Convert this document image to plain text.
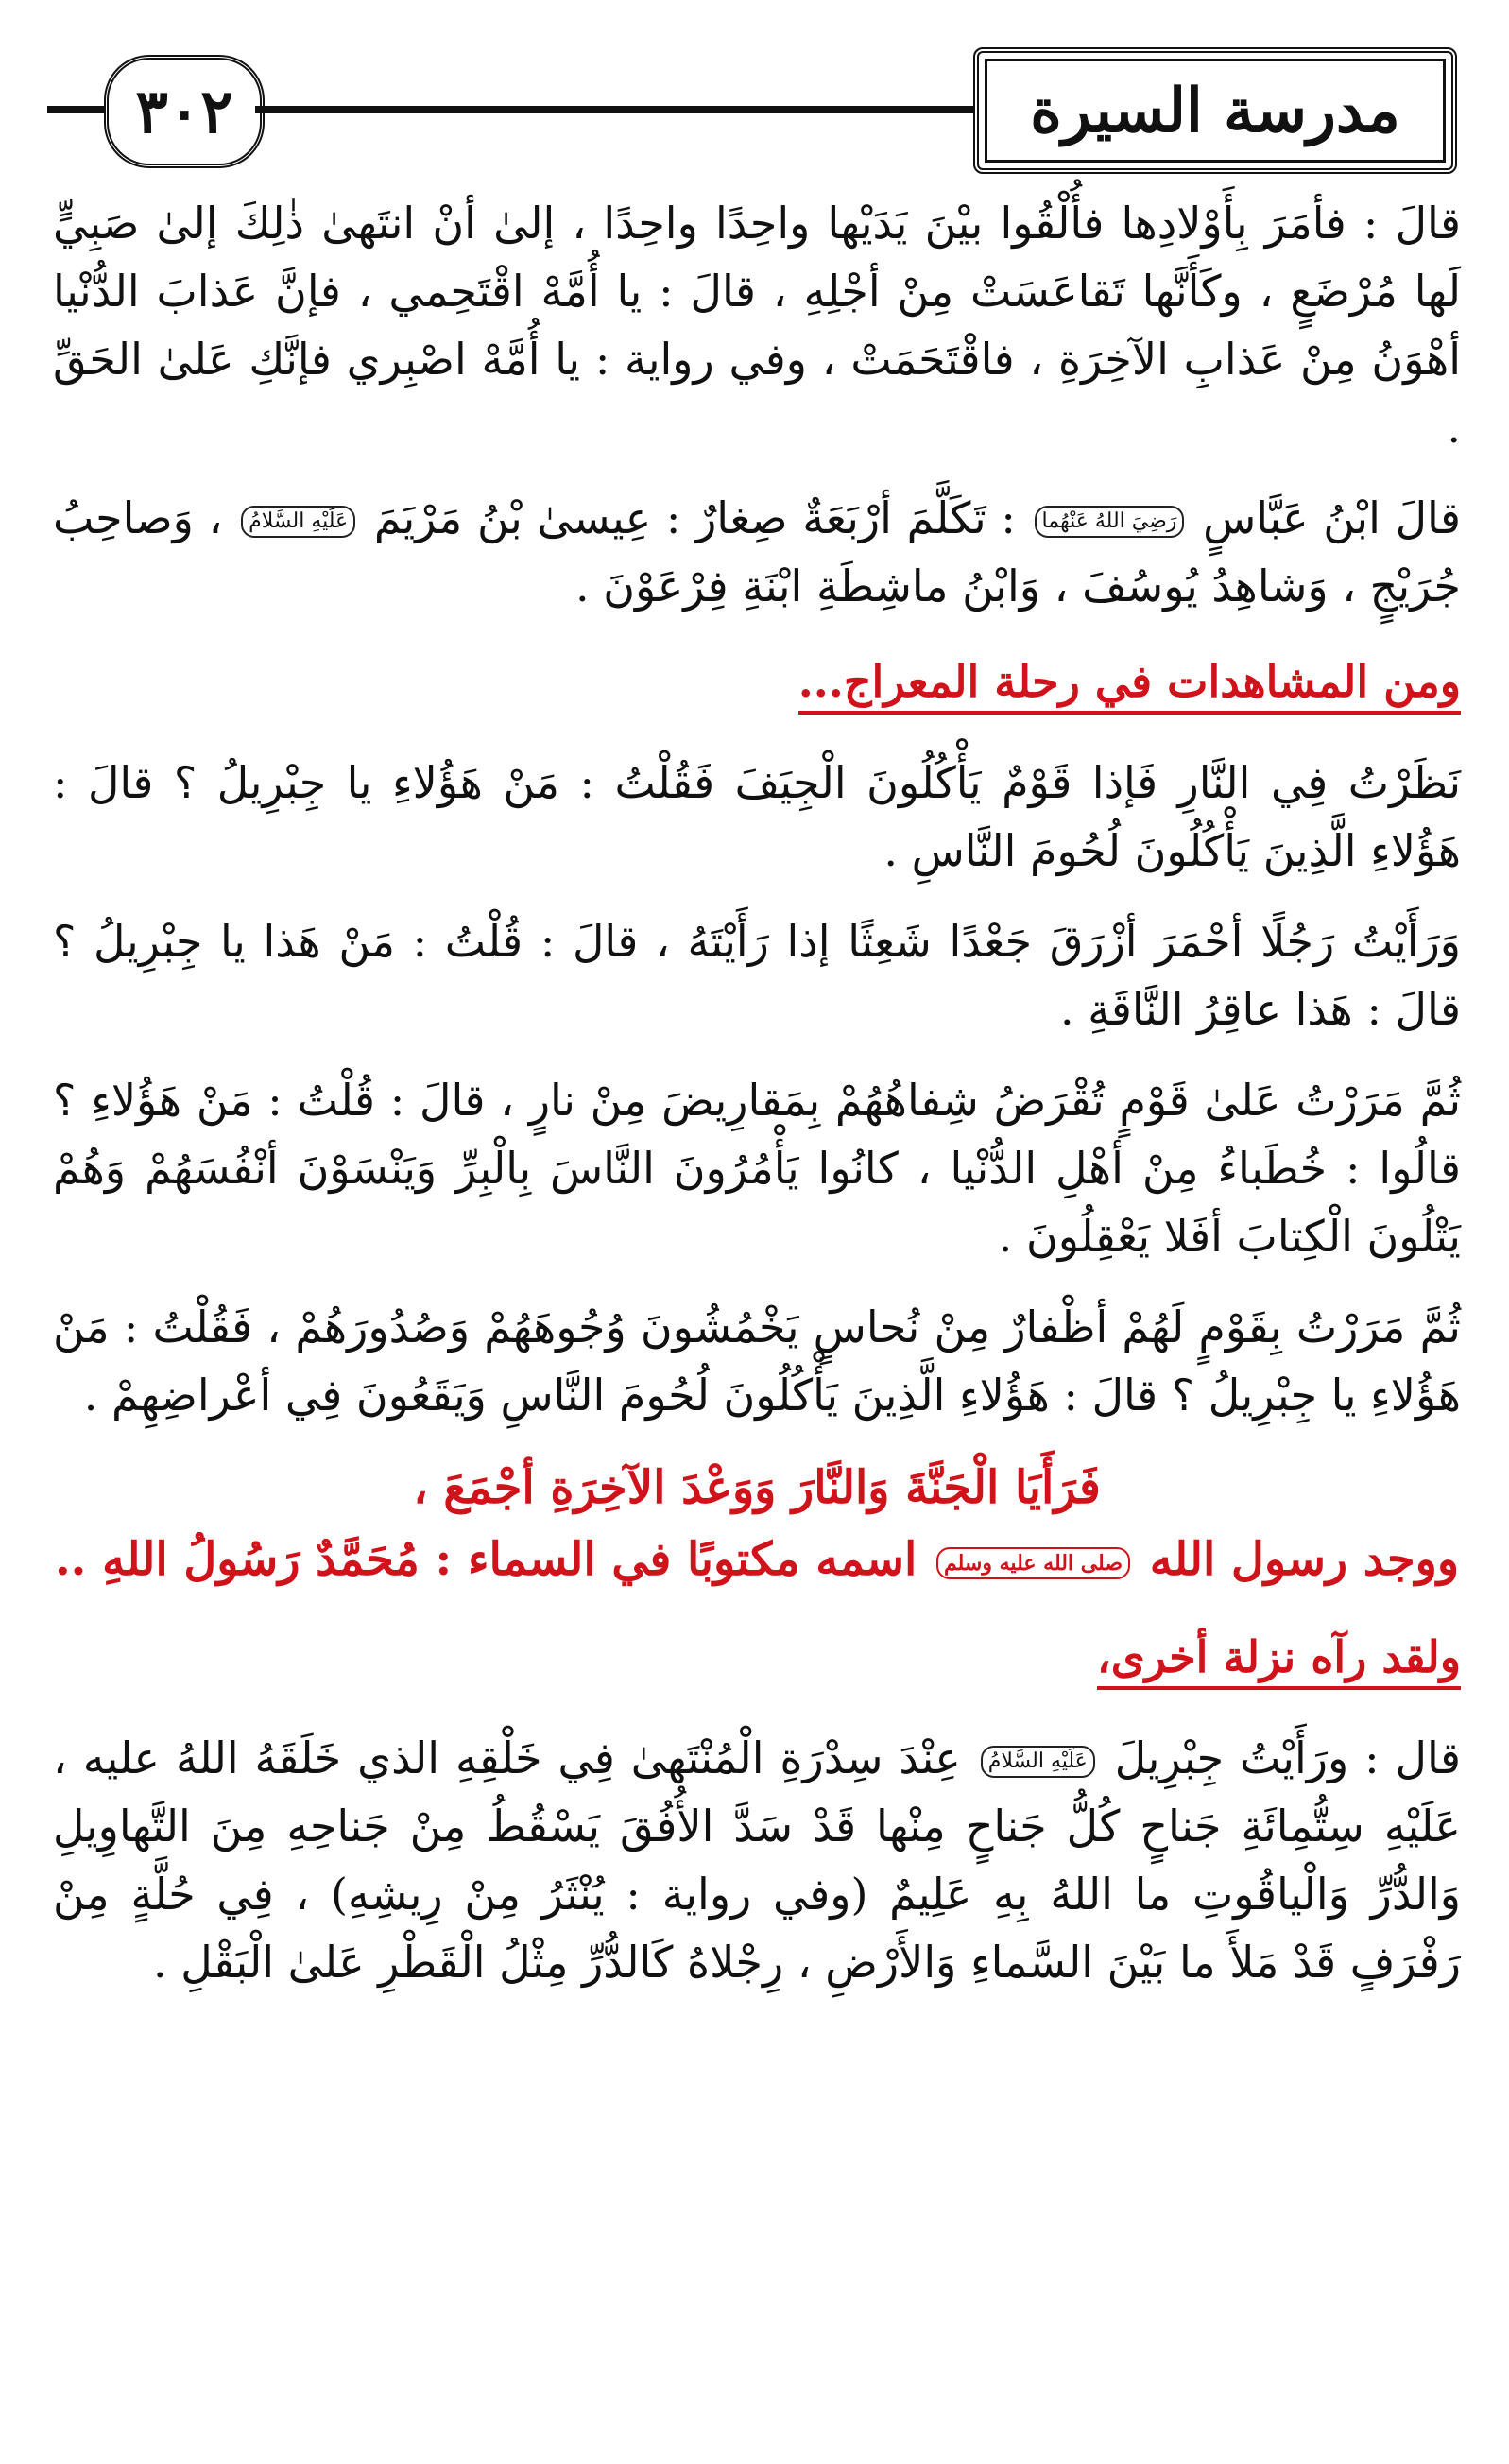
٣٠٢	مدرسة السيرة

قالَ : فأمَرَ بِأَوْلادِها فأُلْقُوا بيْنَ يَدَيْها واحِدًا واحِدًا ، إلىٰ أنْ انتَهىٰ ذٰلِكَ إلىٰ صَبِيٍّ لَها مُرْضَعٍ ، وكَأَنَّها تَقاعَسَتْ مِنْ أجْلِهِ ، قالَ : يا أُمَّهْ اقْتَحِمي ، فإنَّ عَذابَ الدُّنْيا أهْوَنُ مِنْ عَذابِ الآخِرَةِ ، فاقْتَحَمَتْ ، وفي رواية : يا أُمَّهْ اصْبِري فإنَّكِ عَلىٰ الحَقِّ .

قالَ ابْنُ عَبَّاسٍ رَضِيَ اللهُ عَنْهُما : تَكَلَّمَ أرْبَعَةٌ صِغارٌ : عِيسىٰ بْنُ مَرْيَمَ عَلَيْهِ السَّلامُ ، وَصاحِبُ جُرَيْجٍ ، وَشاهِدُ يُوسُفَ ، وَابْنُ ماشِطَةِ ابْنَةِ فِرْعَوْنَ .

ومن المشاهدات في رحلة المعراج...

نَظَرْتُ فِي النَّارِ فَإذا قَوْمٌ يَأْكُلُونَ الْجِيَفَ فَقُلْتُ : مَنْ هَؤُلاءِ يا جِبْرِيلُ ؟ قالَ : هَؤُلاءِ الَّذِينَ يَأْكُلُونَ لُحُومَ النَّاسِ .

وَرَأَيْتُ رَجُلًا أحْمَرَ أزْرَقَ جَعْدًا شَعِثًا إذا رَأَيْتَهُ ، قالَ : قُلْتُ : مَنْ هَذا يا جِبْرِيلُ ؟ قالَ : هَذا عاقِرُ النَّاقَةِ .

ثُمَّ مَرَرْتُ عَلىٰ قَوْمٍ تُقْرَضُ شِفاهُهُمْ بِمَقارِيضَ مِنْ نارٍ ، قالَ : قُلْتُ : مَنْ هَؤُلاءِ ؟ قالُوا : خُطَباءُ مِنْ أهْلِ الدُّنْيا ، كانُوا يَأْمُرُونَ النَّاسَ بِالْبِرِّ وَيَنْسَوْنَ أنْفُسَهُمْ وَهُمْ يَتْلُونَ الْكِتابَ أفَلا يَعْقِلُونَ .

ثُمَّ مَرَرْتُ بِقَوْمٍ لَهُمْ أظْفارٌ مِنْ نُحاسٍ يَخْمُشُونَ وُجُوهَهُمْ وَصُدُورَهُمْ ، فَقُلْتُ : مَنْ هَؤُلاءِ يا جِبْرِيلُ ؟ قالَ : هَؤُلاءِ الَّذِينَ يَأْكُلُونَ لُحُومَ النَّاسِ وَيَقَعُونَ فِي أعْراضِهِمْ .

فَرَأَيَا الْجَنَّةَ وَالنَّارَ وَوَعْدَ الآخِرَةِ أجْمَعَ ،
ووجد رسول الله صلى الله عليه وسلم اسمه مكتوبًا في السماء : مُحَمَّدٌ رَسُولُ اللهِ ..
ولقد رآه نزلة أخرى،

قال : ورَأَيْتُ جِبْرِيلَ عَلَيْهِ السَّلامُ عِنْدَ سِدْرَةِ الْمُنْتَهىٰ فِي خَلْقِهِ الذي خَلَقَهُ اللهُ عليه ، عَلَيْهِ سِتُّمِائَةِ جَناحٍ كُلُّ جَناحٍ مِنْها قَدْ سَدَّ الأُفُقَ يَسْقُطُ مِنْ جَناحِهِ مِنَ التَّهاوِيلِ وَالدُّرِّ وَالْياقُوتِ ما اللهُ بِهِ عَلِيمٌ (وفي رواية : يُنْثَرُ مِنْ رِيشِهِ) ، فِي حُلَّةٍ مِنْ رَفْرَفٍ قَدْ مَلأَ ما بَيْنَ السَّماءِ وَالأَرْضِ ، رِجْلاهُ كَالدُّرِّ مِثْلُ الْقَطْرِ عَلىٰ الْبَقْلِ .
